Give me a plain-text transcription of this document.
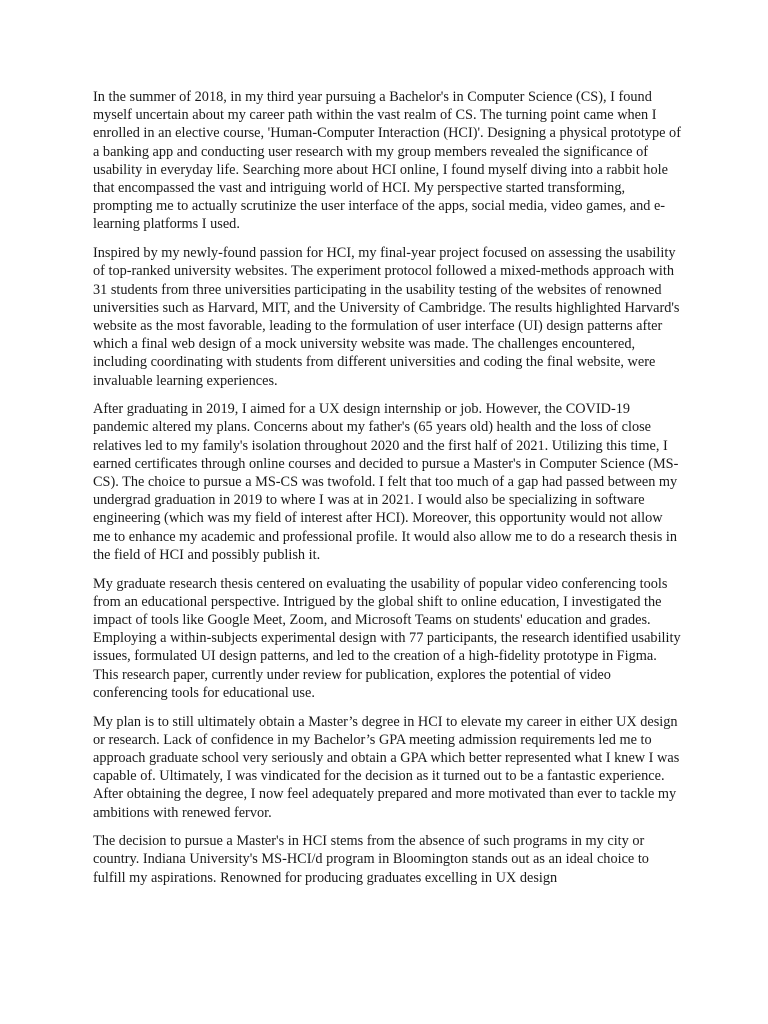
In the summer of 2018, in my third year pursuing a Bachelor's in Computer Science (CS), I found myself uncertain about my career path within the vast realm of CS. The turning point came when I enrolled in an elective course, 'Human-Computer Interaction (HCI)'. Designing a physical prototype of a banking app and conducting user research with my group members revealed the significance of usability in everyday life. Searching more about HCI online, I found myself diving into a rabbit hole that encompassed the vast and intriguing world of HCI. My perspective started transforming, prompting me to actually scrutinize the user interface of the apps, social media, video games, and e-learning platforms I used.

Inspired by my newly-found passion for HCI, my final-year project focused on assessing the usability of top-ranked university websites. The experiment protocol followed a mixed-methods approach with 31 students from three universities participating in the usability testing of the websites of renowned universities such as Harvard, MIT, and the University of Cambridge. The results highlighted Harvard's website as the most favorable, leading to the formulation of user interface (UI) design patterns after which a final web design of a mock university website was made. The challenges encountered, including coordinating with students from different universities and coding the final website, were invaluable learning experiences.

After graduating in 2019, I aimed for a UX design internship or job. However, the COVID-19 pandemic altered my plans. Concerns about my father's (65 years old) health and the loss of close relatives led to my family's isolation throughout 2020 and the first half of 2021. Utilizing this time, I earned certificates through online courses and decided to pursue a Master's in Computer Science (MS-CS). The choice to pursue a MS-CS was twofold. I felt that too much of a gap had passed between my undergrad graduation in 2019 to where I was at in 2021. I would also be specializing in software engineering (which was my field of interest after HCI). Moreover, this opportunity would not allow me to enhance my academic and professional profile. It would also allow me to do a research thesis in the field of HCI and possibly publish it.

My graduate research thesis centered on evaluating the usability of popular video conferencing tools from an educational perspective. Intrigued by the global shift to online education, I investigated the impact of tools like Google Meet, Zoom, and Microsoft Teams on students' education and grades. Employing a within-subjects experimental design with 77 participants, the research identified usability issues, formulated UI design patterns, and led to the creation of a high-fidelity prototype in Figma. This research paper, currently under review for publication, explores the potential of video conferencing tools for educational use.

My plan is to still ultimately obtain a Master’s degree in HCI to elevate my career in either UX design or research. Lack of confidence in my Bachelor’s GPA meeting admission requirements led me to approach graduate school very seriously and obtain a GPA which better represented what I knew I was capable of. Ultimately, I was vindicated for the decision as it turned out to be a fantastic experience. After obtaining the degree, I now feel adequately prepared and more motivated than ever to tackle my ambitions with renewed fervor.

The decision to pursue a Master's in HCI stems from the absence of such programs in my city or country. Indiana University's MS-HCI/d program in Bloomington stands out as an ideal choice to fulfill my aspirations. Renowned for producing graduates excelling in UX design
